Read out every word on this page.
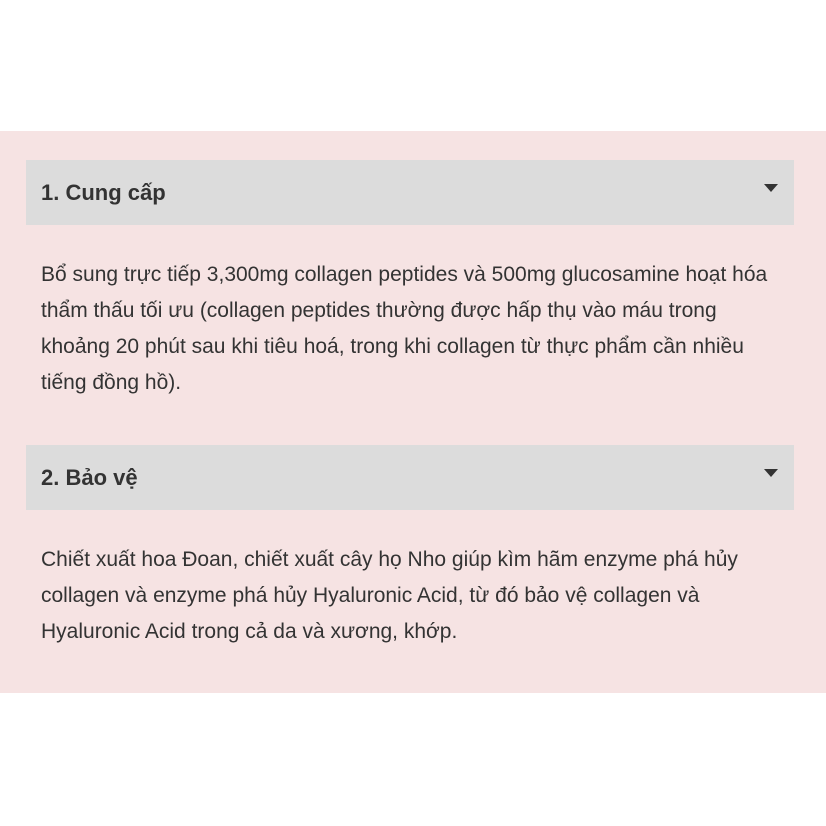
1. Cung cấp
Bổ sung trực tiếp 3,300mg collagen peptides và 500mg glucosamine hoạt hóa thẩm thấu tối ưu (collagen peptides thường được hấp thụ vào máu trong khoảng 20 phút sau khi tiêu hoá, trong khi collagen từ thực phẩm cần nhiều tiếng đồng hồ).
2. Bảo vệ
Chiết xuất hoa Đoan, chiết xuất cây họ Nho giúp kìm hãm enzyme phá hủy collagen và enzyme phá hủy Hyaluronic Acid, từ đó bảo vệ collagen và Hyaluronic Acid trong cả da và xương, khớp.
